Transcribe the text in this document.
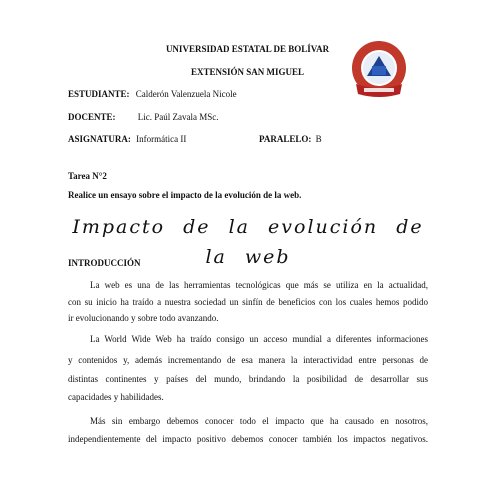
UNIVERSIDAD ESTATAL DE BOLÍVAR
EXTENSIÓN SAN MIGUEL
ESTUDIANTE: Calderón Valenzuela Nicole
DOCENTE: Lic. Paúl Zavala MSc.
ASIGNATURA: Informática II	PARALELO: B
Tarea N°2
Realice un ensayo sobre el impacto de la evolución de la web.
Impacto de la evolución de la web
INTRODUCCIÓN
La web es una de las herramientas tecnológicas que más se utiliza en la actualidad,
con su inicio ha traído a nuestra sociedad un sinfín de beneficios con los cuales hemos podido
ir evolucionando y sobre todo avanzando.
La World Wide Web ha traído consigo un acceso mundial a diferentes informaciones
y contenidos y, además incrementando de esa manera la interactividad entre personas de
distintas continentes y países del mundo, brindando la posibilidad de desarrollar sus
capacidades y habilidades.
Más sin embargo debemos conocer todo el impacto que ha causado en nosotros,
independientemente del impacto positivo debemos conocer también los impactos negativos.
